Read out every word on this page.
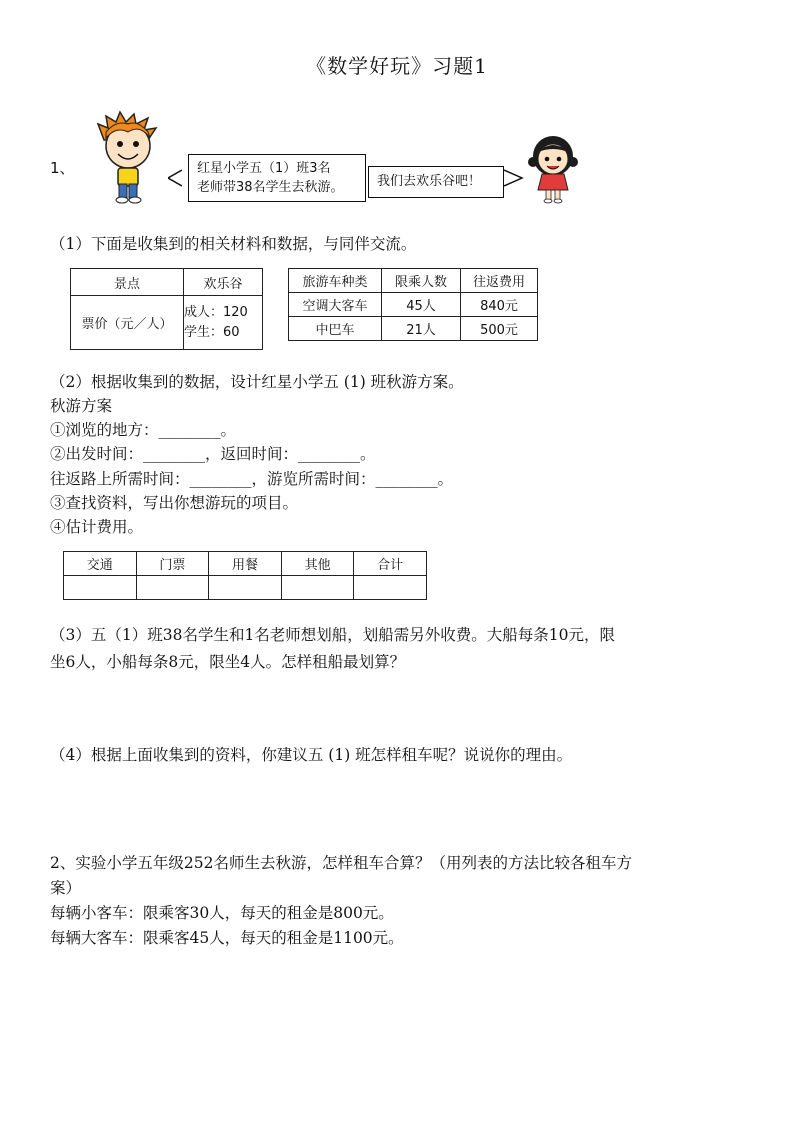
《数学好玩》习题1
1、	红星小学五（1）班3名
老师带38名学生去秋游。	我们去欢乐谷吧！
（1）下面是收集到的相关材料和数据，与同伴交流。
景点	欢乐谷
票价（元／人）	成人：120
学生：60
旅游车种类	限乘人数	往返费用
空调大客车	45人	840元
中巴车	21人	500元
（2）根据收集到的数据，设计红星小学五 (1) 班秋游方案。
秋游方案
①浏览的地方：________。
②出发时间：________，返回时间：________。
往返路上所需时间：________，游览所需时间：________。
③查找资料，写出你想游玩的项目。
④估计费用。
交通	门票	用餐	其他	合计

（3）五（1）班38名学生和1名老师想划船，划船需另外收费。大船每条10元，限
坐6人，小船每条8元，限坐4人。怎样租船最划算？
（4）根据上面收集到的资料，你建议五 (1) 班怎样租车呢？说说你的理由。
2、实验小学五年级252名师生去秋游，怎样租车合算？（用列表的方法比较各租车方
案）
每辆小客车：限乘客30人，每天的租金是800元。
每辆大客车：限乘客45人，每天的租金是1100元。
